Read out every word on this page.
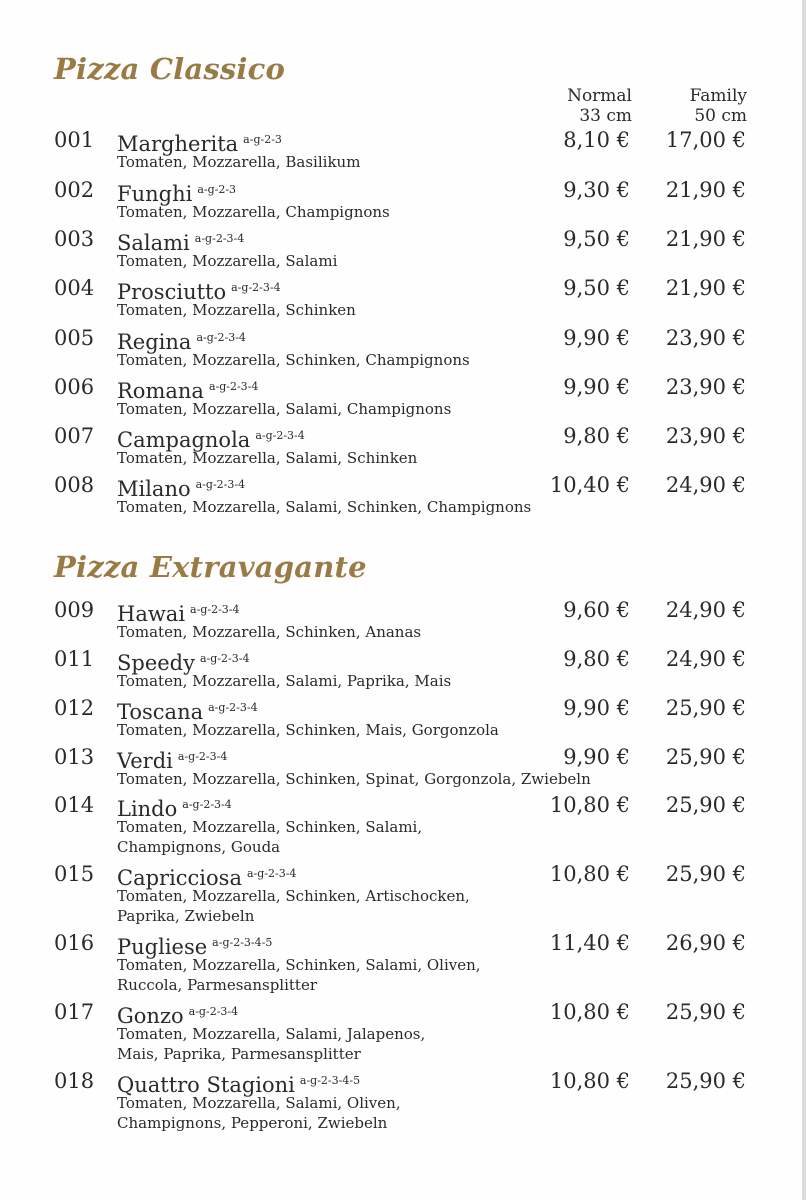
Pizza Classico
Normal
33 cm
Family
50 cm
001 Margherita $^{a-g-2-3}$
Tomaten, Mozzarella, Basilikum
8,10 € 17,00 €
002 Funghi $^{a-g-2-3}$
Tomaten, Mozzarella, Champignons
9,30 € 21,90 €
003 Salami $^{a-g-2-3-4}$
Tomaten, Mozzarella, Salami
9,50 € 21,90 €
004 Prosciutto $^{a-g-2-3-4}$
Tomaten, Mozzarella, Schinken
9,50 € 21,90 €
005 Regina $^{a-g-2-3-4}$
Tomaten, Mozzarella, Schinken, Champignons
9,90 € 23,90 €
006 Romana $^{a-g-2-3-4}$
Tomaten, Mozzarella, Salami, Champignons
9,90 € 23,90 €
007 Campagnola $^{a-g-2-3-4}$
Tomaten, Mozzarella, Salami, Schinken
9,80 € 23,90 €
008 Milano $^{a-g-2-3-4}$
Tomaten, Mozzarella, Salami, Schinken, Champignons
10,40 € 24,90 €
Pizza Extravagante
009 Hawai $^{a-g-2-3-4}$
Tomaten, Mozzarella, Schinken, Ananas
9,60 € 24,90 €
011 Speedy $^{a-g-2-3-4}$
Tomaten, Mozzarella, Salami, Paprika, Mais
9,80 € 24,90 €
012 Toscana $^{a-g-2-3-4}$
Tomaten, Mozzarella, Schinken, Mais, Gorgonzola
9,90 € 25,90 €
013 Verdi $^{a-g-2-3-4}$
Tomaten, Mozzarella, Schinken, Spinat, Gorgonzola, Zwiebeln
9,90 € 25,90 €
014 Lindo $^{a-g-2-3-4}$
Tomaten, Mozzarella, Schinken, Salami,
Champignons, Gouda
10,80 € 25,90 €
015 Capricciosa $^{a-g-2-3-4}$
Tomaten, Mozzarella, Schinken, Artischocken,
Paprika, Zwiebeln
10,80 € 25,90 €
016 Pugliese $^{a-g-2-3-4-5}$
Tomaten, Mozzarella, Schinken, Salami, Oliven,
Ruccola, Parmesansplitter
11,40 € 26,90 €
017 Gonzo $^{a-g-2-3-4}$
Tomaten, Mozzarella, Salami, Jalapenos,
Mais, Paprika, Parmesansplitter
10,80 € 25,90 €
018 Quattro Stagioni $^{a-g-2-3-4-5}$
Tomaten, Mozzarella, Salami, Oliven,
Champignons, Pepperoni, Zwiebeln
10,80 € 25,90 €
